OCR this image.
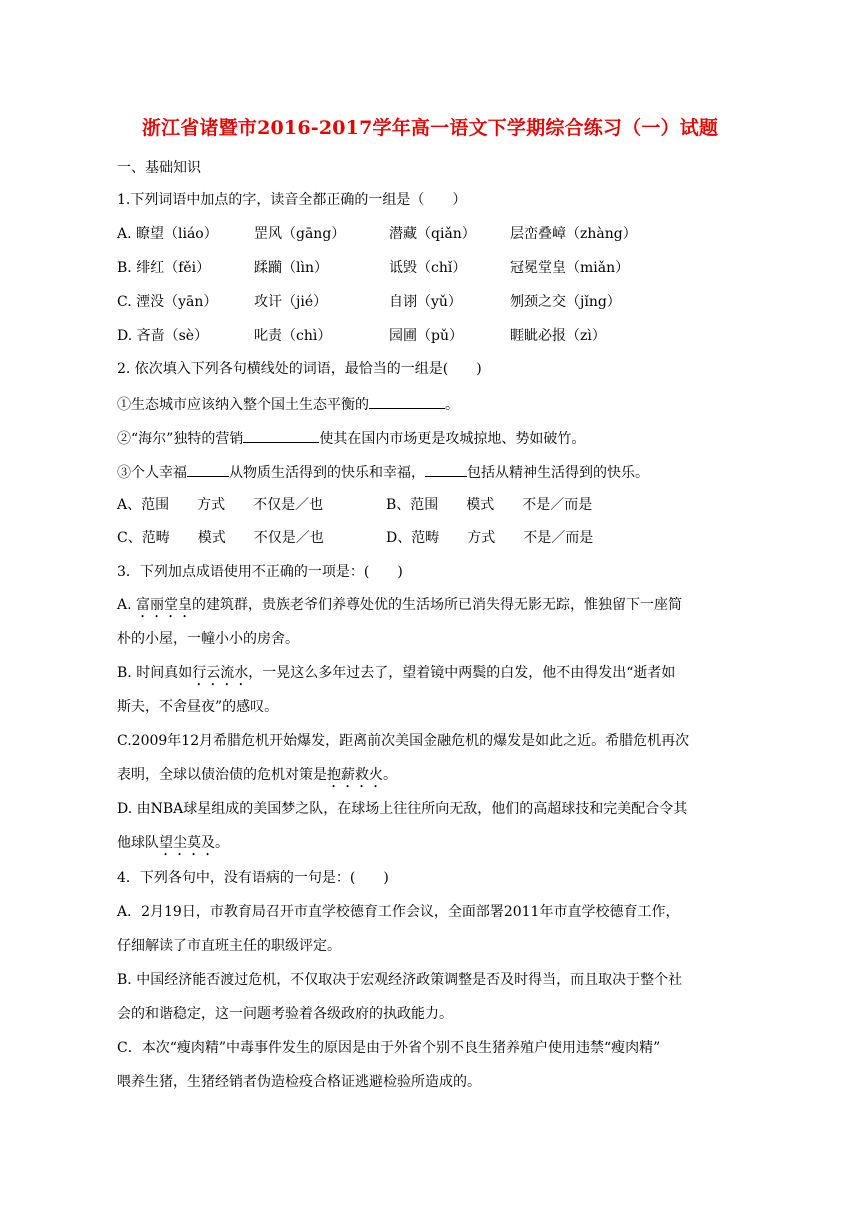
浙江省诸暨市2016-2017学年高一语文下学期综合练习（一）试题
一、基础知识
1.下列词语中加点的字，读音全都正确的一组是（　　）
A. 瞭望（liáo）	罡风（gāng）	潜藏（qiǎn） 层峦叠嶂（zhàng）
B. 绯红（fěi）	蹂躏（lìn）	诋毁（chǐ）	冠冕堂皇（miǎn）
C. 湮没（yān）	攻讦（jié）	自诩（yǔ）	刎颈之交（jǐng）
D. 吝啬（sè）	叱责（chì）	园圃（pǔ）	睚眦必报（zì）
2. 依次填入下列各句横线处的词语，最恰当的一组是(　　)
①生态城市应该纳入整个国土生态平衡的	。
②“海尔”独特的营销	使其在国内市场更是攻城掠地、势如破竹。
③个人幸福	从物质生活得到的快乐和幸福，	包括从精神生活得到的快乐。
A、范围　　方式　　不仅是／也	B、范围　　模式　　不是／而是
C、范畴　　模式　　不仅是／也	D、范畴　　方式　　不是／而是
3．下列加点成语使用不正确的一项是：(　　)
A. 富丽堂皇的建筑群，贵族老爷们养尊处优的生活场所已消失得无影无踪，惟独留下一座简
朴的小屋，一幢小小的房舍。
B. 时间真如行云流水，一晃这么多年过去了，望着镜中两鬓的白发，他不由得发出“逝者如
斯夫，不舍昼夜”的感叹。
C.2009年12月希腊危机开始爆发，距离前次美国金融危机的爆发是如此之近。希腊危机再次
表明，全球以债治债的危机对策是抱薪救火。
D. 由NBA球星组成的美国梦之队，在球场上往往所向无敌，他们的高超球技和完美配合令其
他球队望尘莫及。
4．下列各句中，没有语病的一句是：(　　)
A．2月19日，市教育局召开市直学校德育工作会议，全面部署2011年市直学校德育工作，
仔细解读了市直班主任的职级评定。
B. 中国经济能否渡过危机，不仅取决于宏观经济政策调整是否及时得当，而且取决于整个社
会的和谐稳定，这一问题考验着各级政府的执政能力。
C．本次“瘦肉精”中毒事件发生的原因是由于外省个别不良生猪养殖户使用违禁“瘦肉精”
喂养生猪，生猪经销者伪造检疫合格证逃避检验所造成的。
